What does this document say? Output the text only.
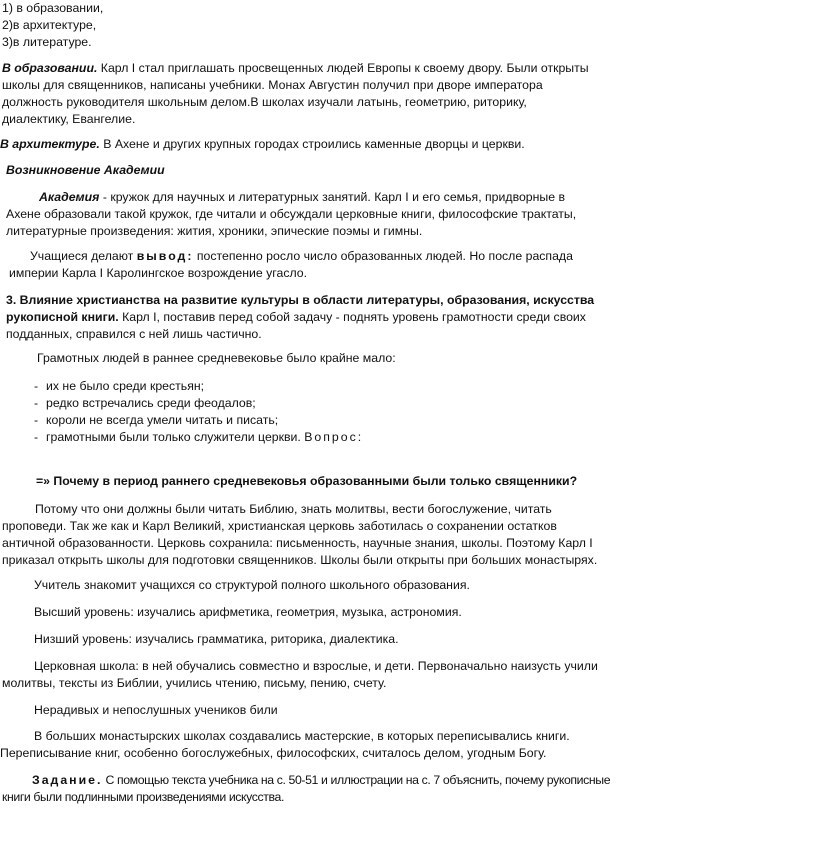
1) в образовании,
2)в архитектуре,
3)в литературе.
В образовании. Карл I стал приглашать просвещенных людей Европы к своему двору. Были открыты
школы для священников, написаны учебники. Монах Августин получил при дворе императора
должность руководителя школьным делом.В школах изучали латынь, геометрию, риторику,
диалектику, Евангелие.
В архитектуре. В Ахене и других крупных городах строились каменные дворцы и церкви.
Возникновение Академии
Академия - кружок для научных и литературных занятий. Карл I и его семья, придворные в
Ахене образовали такой кружок, где читали и обсуждали церковные книги, философские трактаты,
литературные произведения: жития, хроники, эпические поэмы и гимны.
Учащиеся делают вывод: постепенно росло число образованных людей. Но после распада
империи Карла I Каролингское возрождение угасло.
3. Влияние христианства на развитие культуры в области литературы, образования, искусства
рукописной книги. Карл I, поставив перед собой задачу - поднять уровень грамотности среди своих
подданных, справился с ней лишь частично.
Грамотных людей в раннее средневековье было крайне мало:
- их не было среди крестьян;
- редко встречались среди феодалов;
- короли не всегда умели читать и писать;
- грамотными были только служители церкви. Вопрос:
=» Почему в период раннего средневековья образованными были только священники?
Потому что они должны были читать Библию, знать молитвы, вести богослужение, читать
проповеди. Так же как и Карл Великий, христианская церковь заботилась о сохранении остатков
античной образованности. Церковь сохранила: письменность, научные знания, школы. Поэтому Карл I
приказал открыть школы для подготовки священников. Школы были открыты при больших монастырях.
Учитель знакомит учащихся со структурой полного школьного образования.
Высший уровень: изучались арифметика, геометрия, музыка, астрономия.
Низший уровень: изучались грамматика, риторика, диалектика.
Церковная школа: в ней обучались совместно и взрослые, и дети. Первоначально наизусть учили
молитвы, тексты из Библии, учились чтению, письму, пению, счету.
Нерадивых и непослушных учеников били
В больших монастырских школах создавались мастерские, в которых переписывались книги.
Переписывание книг, особенно богослужебных, философских, считалось делом, угодным Богу.
Задание. С помощью текста учебника на с. 50-51 и иллюстрации на с. 7 объяснить, почему рукописные
книги были подлинными произведениями искусства.
